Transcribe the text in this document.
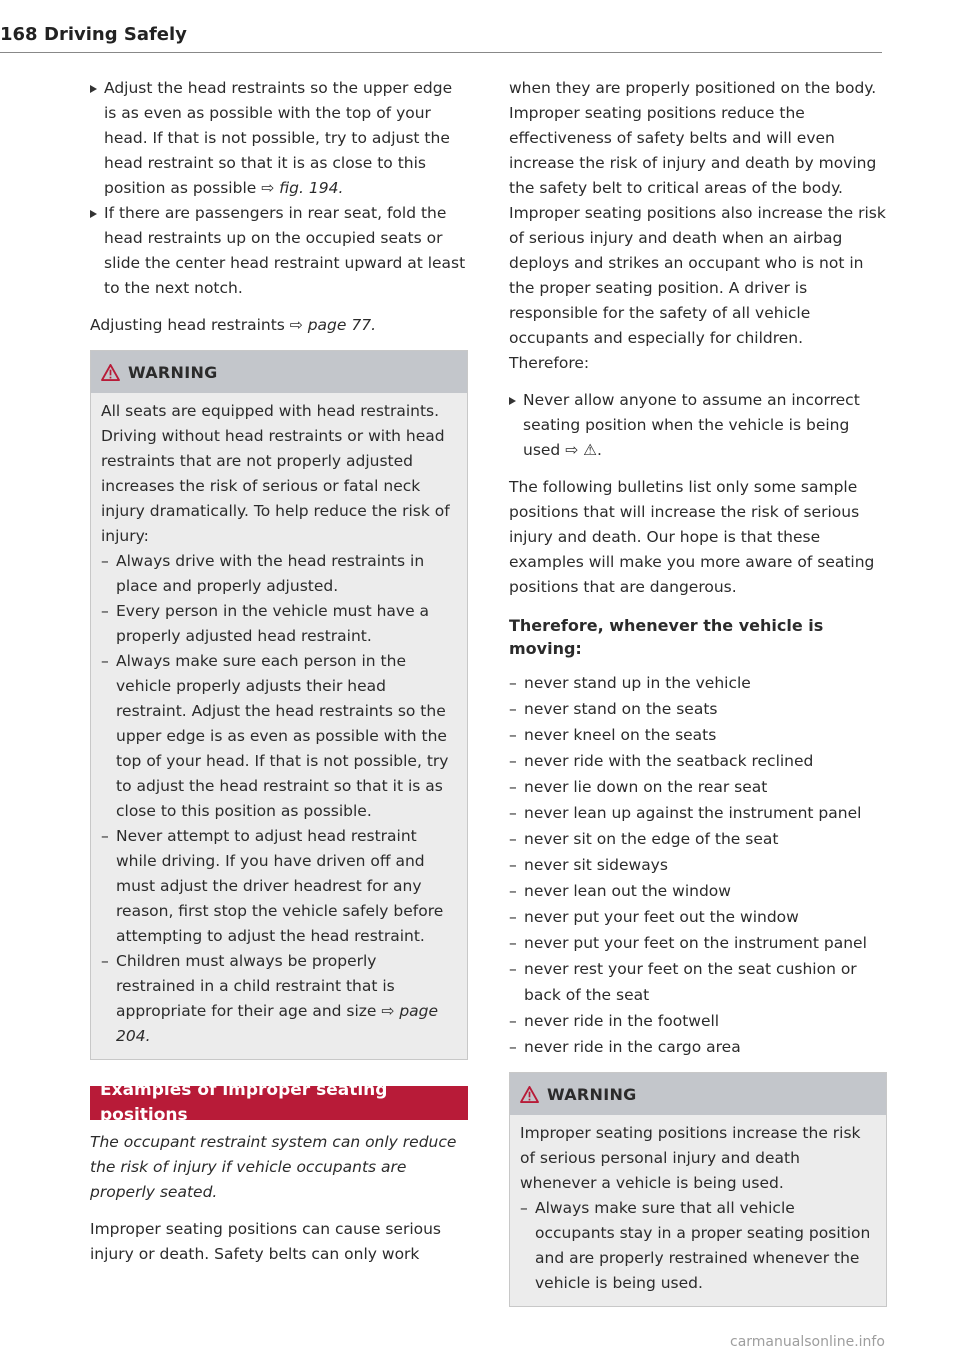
168 Driving Safely

Adjust the head restraints so the upper edge is as even as possible with the top of your head. If that is not possible, try to adjust the head restraint so that it is as close to this position as possible ⇨ fig. 194.

If there are passengers in rear seat, fold the head restraints up on the occupied seats or slide the center head restraint upward at least to the next notch.

Adjusting head restraints ⇨ page 77.

WARNING

All seats are equipped with head restraints. Driving without head restraints or with head restraints that are not properly adjusted increases the risk of serious or fatal neck injury dramatically. To help reduce the risk of injury:

– Always drive with the head restraints in place and properly adjusted.
– Every person in the vehicle must have a properly adjusted head restraint.
– Always make sure each person in the vehicle properly adjusts their head restraint. Adjust the head restraints so the upper edge is as even as possible with the top of your head. If that is not possible, try to adjust the head restraint so that it is as close to this position as possible.
– Never attempt to adjust head restraint while driving. If you have driven off and must adjust the driver headrest for any reason, first stop the vehicle safely before attempting to adjust the head restraint.
– Children must always be properly restrained in a child restraint that is appropriate for their age and size ⇨ page 204.
Examples of improper seating positions

The occupant restraint system can only reduce the risk of injury if vehicle occupants are properly seated.

Improper seating positions can cause serious injury or death. Safety belts can only work

when they are properly positioned on the body. Improper seating positions reduce the effectiveness of safety belts and will even increase the risk of injury and death by moving the safety belt to critical areas of the body. Improper seating positions also increase the risk of serious injury and death when an airbag deploys and strikes an occupant who is not in the proper seating position. A driver is responsible for the safety of all vehicle occupants and especially for children. Therefore:

Never allow anyone to assume an incorrect seating position when the vehicle is being used ⇨ ⚠.

The following bulletins list only some sample positions that will increase the risk of serious injury and death. Our hope is that these examples will make you more aware of seating positions that are dangerous.

Therefore, whenever the vehicle is moving:

– never stand up in the vehicle
– never stand on the seats
– never kneel on the seats
– never ride with the seatback reclined
– never lie down on the rear seat
– never lean up against the instrument panel
– never sit on the edge of the seat
– never sit sideways
– never lean out the window
– never put your feet out the window
– never put your feet on the instrument panel
– never rest your feet on the seat cushion or back of the seat
– never ride in the footwell
– never ride in the cargo area
WARNING

Improper seating positions increase the risk of serious personal injury and death whenever a vehicle is being used.

– Always make sure that all vehicle occupants stay in a proper seating position and are properly restrained whenever the vehicle is being used.
carmanualsonline.info
